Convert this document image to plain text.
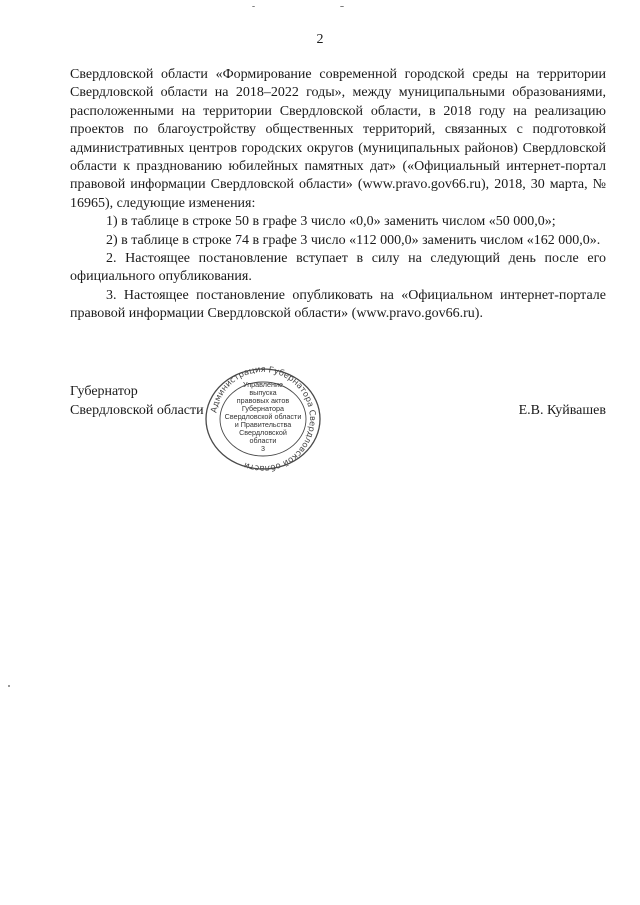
2

Свердловской области «Формирование современной городской среды на территории Свердловской области на 2018–2022 годы», между муниципальными образованиями, расположенными на территории Свердловской области, в 2018 году на реализацию проектов по благоустройству общественных территорий, связанных с подготовкой административных центров городских округов (муниципальных районов) Свердловской области к празднованию юбилейных памятных дат» («Официальный интернет-портал правовой информации Свердловской области» (www.pravo.gov66.ru), 2018, 30 марта, № 16965), следующие изменения:

1) в таблице в строке 50 в графе 3 число «0,0» заменить числом «50 000,0»;

2) в таблице в строке 74 в графе 3 число «112 000,0» заменить числом «162 000,0».

2. Настоящее постановление вступает в силу на следующий день после его официального опубликования.

3. Настоящее постановление опубликовать на «Официальном интернет-портале правовой информации Свердловской области» (www.pravo.gov66.ru).

Губернатор
Свердловской области	Е.В. Куйвашев
Администрация Губернатора Свердловской области
Управление
выпуска
правовых актов
Губернатора
Свердловской области
и Правительства
Свердловской
области
3
